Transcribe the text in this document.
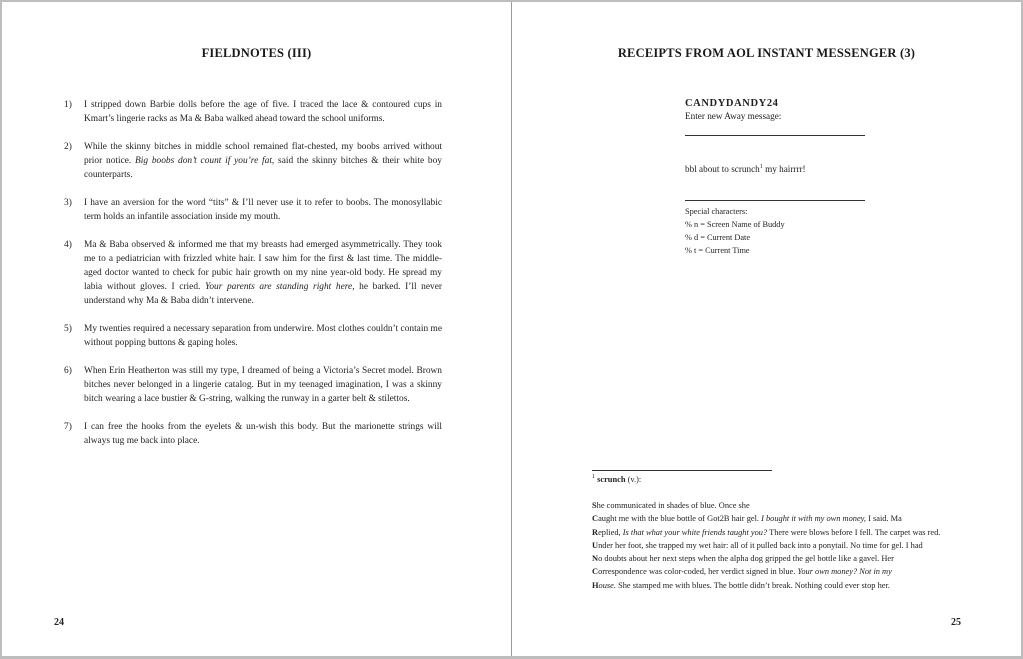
FIELDNOTES (III)
1) I stripped down Barbie dolls before the age of five. I traced the lace & contoured cups in Kmart’s lingerie racks as Ma & Baba walked ahead toward the school uniforms.
2) While the skinny bitches in middle school remained flat-chested, my boobs arrived without prior notice. Big boobs don’t count if you’re fat, said the skinny bitches & their white boy counterparts.
3) I have an aversion for the word “tits” & I’ll never use it to refer to boobs. The monosyllabic term holds an infantile association inside my mouth.
4) Ma & Baba observed & informed me that my breasts had emerged asymmetrically. They took me to a pediatrician with frizzled white hair. I saw him for the first & last time. The middle-aged doctor wanted to check for pubic hair growth on my nine year-old body. He spread my labia without gloves. I cried. Your parents are standing right here, he barked. I’ll never understand why Ma & Baba didn’t intervene.
5) My twenties required a necessary separation from underwire. Most clothes couldn’t contain me without popping buttons & gaping holes.
6) When Erin Heatherton was still my type, I dreamed of being a Victoria’s Secret model. Brown bitches never belonged in a lingerie catalog. But in my teenaged imagination, I was a skinny bitch wearing a lace bustier & G-string, walking the runway in a garter belt & stilettos.
7) I can free the hooks from the eyelets & un-wish this body. But the marionette strings will always tug me back into place.
24
RECEIPTS FROM AOL INSTANT MESSENGER (3)
CANDYDANDY24
Enter new Away message:
bbl about to scrunch$^1$ my hairrrr!
Special characters:
% n = Screen Name of Buddy
% d = Current Date
% t = Current Time
$^1$ scrunch (v.):
She communicated in shades of blue. Once she
Caught me with the blue bottle of Got2B hair gel. I bought it with my own money, I said. Ma
Replied, Is that what your white friends taught you? There were blows before I fell. The carpet was red.
Under her foot, she trapped my wet hair: all of it pulled back into a ponytail. No time for gel. I had
No doubts about her next steps when the alpha dog gripped the gel bottle like a gavel. Her
Correspondence was color-coded, her verdict signed in blue. Your own money? Not in my
House. She stamped me with blues. The bottle didn’t break. Nothing could ever stop her.
25
